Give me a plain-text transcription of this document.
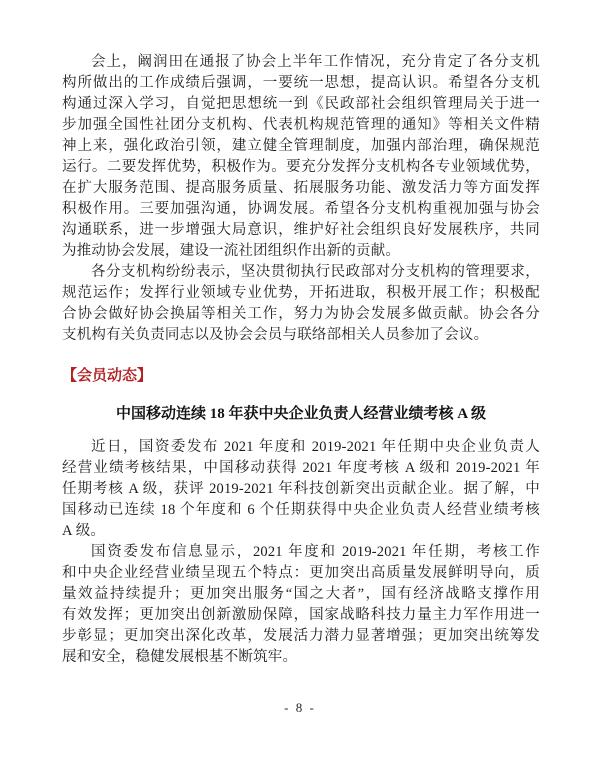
会上，阚润田在通报了协会上半年工作情况，充分肯定了各分支机
构所做出的工作成绩后强调，一要统一思想，提高认识。希望各分支机
构通过深入学习，自觉把思想统一到《民政部社会组织管理局关于进一
步加强全国性社团分支机构、代表机构规范管理的通知》等相关文件精
神上来，强化政治引领，建立健全管理制度，加强内部治理，确保规范
运行。二要发挥优势，积极作为。要充分发挥分支机构各专业领域优势，
在扩大服务范围、提高服务质量、拓展服务功能、激发活力等方面发挥
积极作用。三要加强沟通，协调发展。希望各分支机构重视加强与协会
沟通联系，进一步增强大局意识，维护好社会组织良好发展秩序，共同
为推动协会发展，建设一流社团组织作出新的贡献。
各分支机构纷纷表示，坚决贯彻执行民政部对分支机构的管理要求，
规范运作；发挥行业领域专业优势，开拓进取，积极开展工作；积极配
合协会做好协会换届等相关工作，努力为协会发展多做贡献。协会各分
支机构有关负责同志以及协会会员与联络部相关人员参加了会议。
【会员动态】
中国移动连续 18 年获中央企业负责人经营业绩考核 A 级
近日，国资委发布 2021 年度和 2019-2021 年任期中央企业负责人
经营业绩考核结果，中国移动获得 2021 年度考核 A 级和 2019-2021 年
任期考核 A 级，获评 2019-2021 年科技创新突出贡献企业。据了解，中
国移动已连续 18 个年度和 6 个任期获得中央企业负责人经营业绩考核
A 级。
国资委发布信息显示，2021 年度和 2019-2021 年任期，考核工作
和中央企业经营业绩呈现五个特点：更加突出高质量发展鲜明导向，质
量效益持续提升；更加突出服务“国之大者”，国有经济战略支撑作用
有效发挥；更加突出创新激励保障，国家战略科技力量主力军作用进一
步彰显；更加突出深化改革，发展活力潜力显著增强；更加突出统筹发
展和安全，稳健发展根基不断筑牢。
- 8 -
